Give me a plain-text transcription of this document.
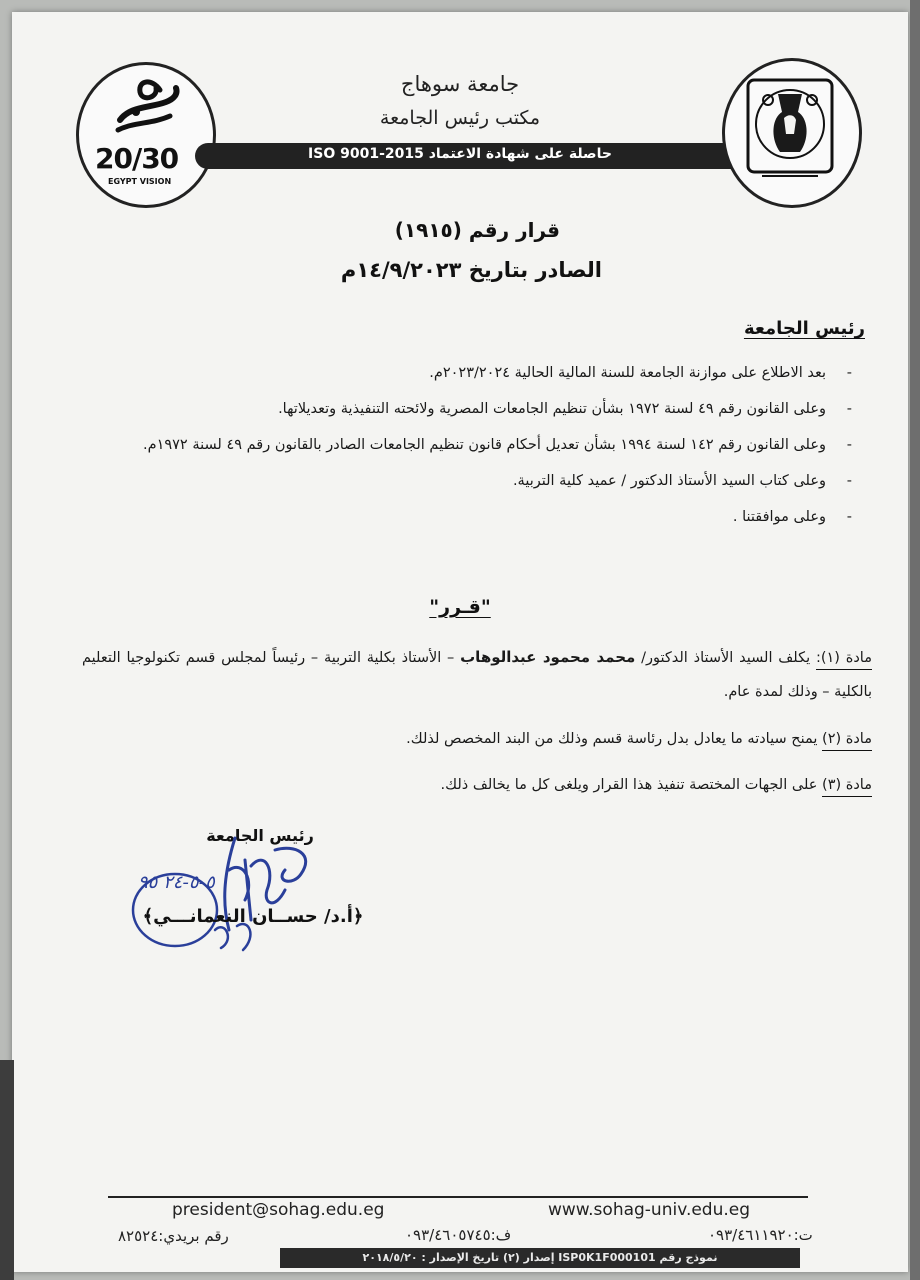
20/30
EGYPT VISION
جامعة سوهاج
مكتب رئيس الجامعة
حاصلة على شهادة الاعتماد ISO 9001-2015
قرار رقم (١٩١٥)
الصادر بتاريخ ١٤/٩/٢٠٢٣م
رئيس الجامعة
- بعد الاطلاع على موازنة الجامعة للسنة المالية الحالية ٢٠٢٣/٢٠٢٤م.
- وعلى القانون رقم ٤٩ لسنة ١٩٧٢ بشأن تنظيم الجامعات المصرية ولائحته التنفيذية وتعديلاتها.
- وعلى القانون رقم ١٤٢ لسنة ١٩٩٤ بشأن تعديل أحكام قانون تنظيم الجامعات الصادر بالقانون رقم ٤٩ لسنة ١٩٧٢م.
- وعلى كتاب السيد الأستاذ الدكتور / عميد كلية التربية.
- وعلى موافقتنا .
"قـرر"
مادة (١): يكلف السيد الأستاذ الدكتور/ محمد محمود عبدالوهاب – الأستاذ بكلية التربية – رئيساً لمجلس قسم تكنولوجيا التعليم بالكلية – وذلك لمدة عام.
مادة (٢) يمنح سيادته ما يعادل بدل رئاسة قسم وذلك من البند المخصص لذلك.
مادة (٣) على الجهات المختصة تنفيذ هذا القرار ويلغى كل ما يخالف ذلك.
رئيس الجامعة
٥-٥-٢٤ ٩٥
﴿أ.د/ حســان النعمانـــي﴾
president@sohag.edu.eg	www.sohag-univ.edu.eg
ت:٠٩٣/٤٦١١٩٢٠
ف:٠٩٣/٤٦٠٥٧٤٥
رقم بريدي:٨٢٥٢٤
نموذج رقم ISP0K1F000101 إصدار (٢) تاريخ الإصدار : ٢٠١٨/٥/٢٠
